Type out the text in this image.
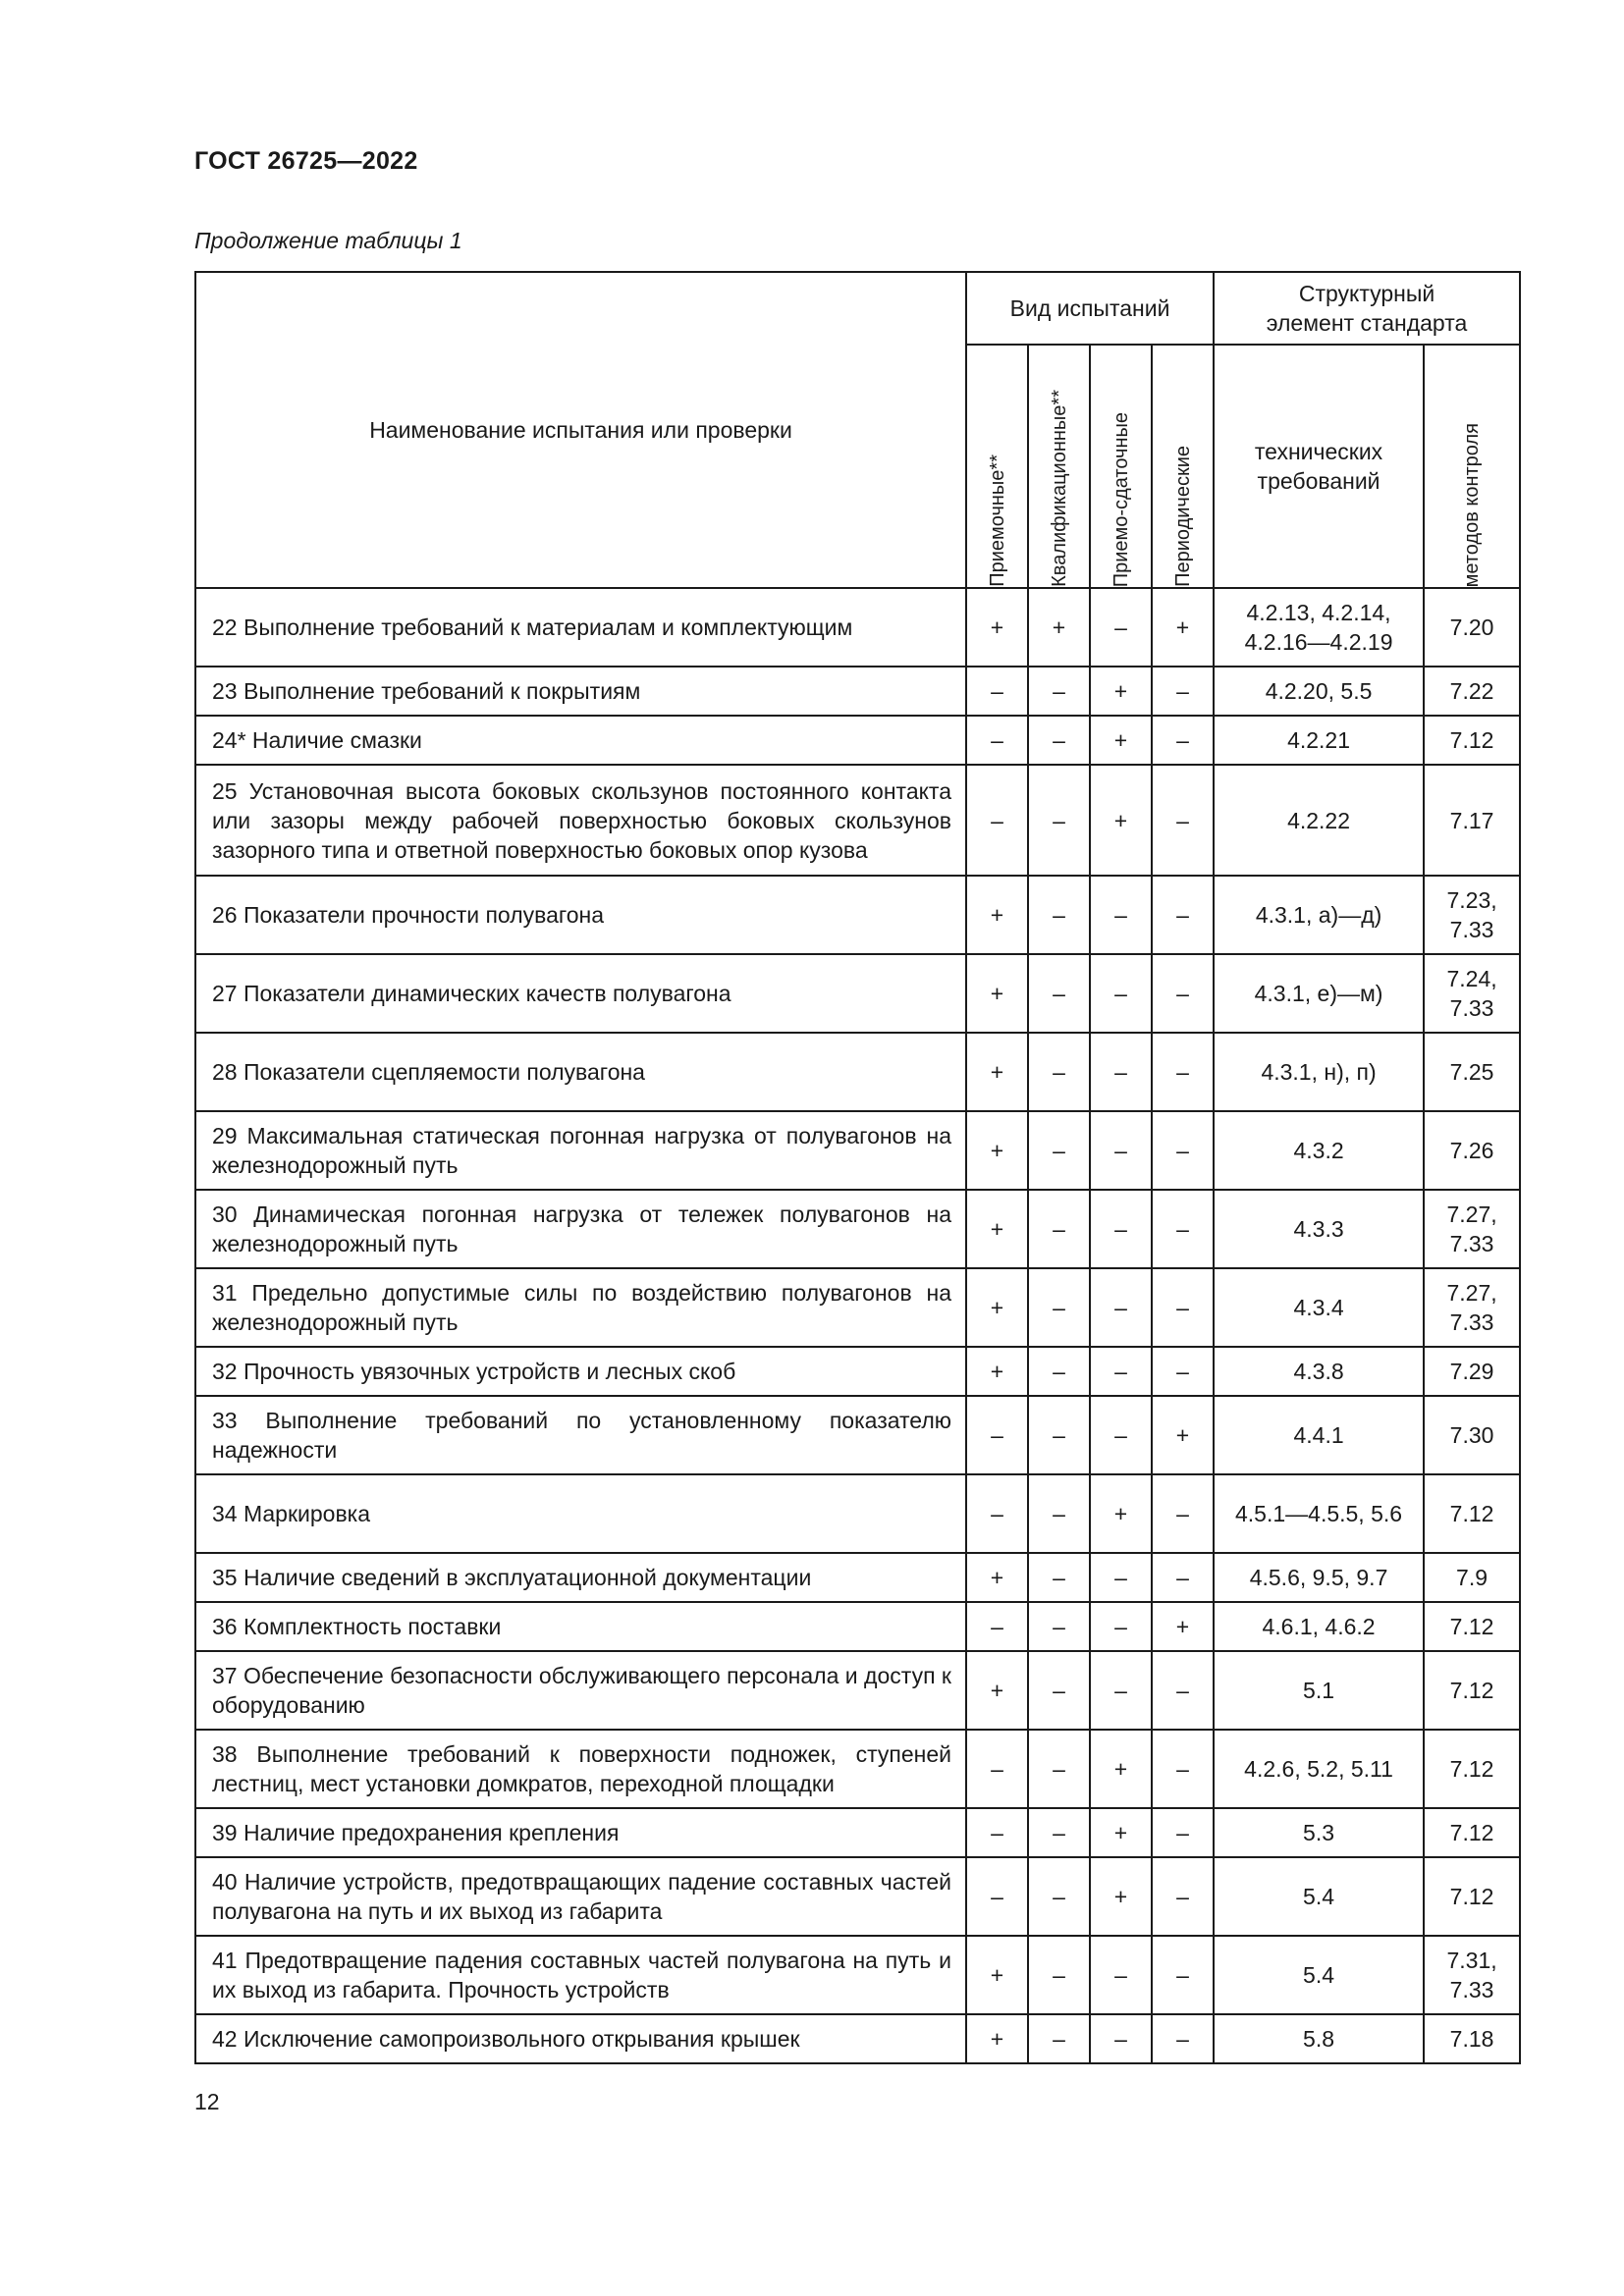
ГОСТ 26725—2022
Продолжение таблицы 1
Наименование испытания или проверки	Вид испытаний				Структурный элемент стандарта	

	Приемочные**	Квалификационные**	Приемо-сдаточные	Периодические	технических требований	методов контроля

22 Выполнение требований к материалам и комплектующим	+	+	–	+	4.2.13, 4.2.14, 4.2.16—4.2.19	7.20
23 Выполнение требований к покрытиям	–	–	+	–	4.2.20, 5.5	7.22
24* Наличие смазки	–	–	+	–	4.2.21	7.12
25 Установочная высота боковых скользунов постоянного контакта или зазоры между рабочей поверхностью боковых скользунов зазорного типа и ответной поверхностью боковых опор кузова	–	–	+	–	4.2.22	7.17
26 Показатели прочности полувагона	+	–	–	–	4.3.1, а)—д)	7.23, 7.33
27 Показатели динамических качеств полувагона	+	–	–	–	4.3.1, е)—м)	7.24, 7.33
28 Показатели сцепляемости полувагона	+	–	–	–	4.3.1, н), п)	7.25
29 Максимальная статическая погонная нагрузка от полувагонов на железнодорожный путь	+	–	–	–	4.3.2	7.26
30 Динамическая погонная нагрузка от тележек полувагонов на железнодорожный путь	+	–	–	–	4.3.3	7.27, 7.33
31 Предельно допустимые силы по воздействию полувагонов на железнодорожный путь	+	–	–	–	4.3.4	7.27, 7.33
32 Прочность увязочных устройств и лесных скоб	+	–	–	–	4.3.8	7.29
33 Выполнение требований по установленному показателю надежности	–	–	–	+	4.4.1	7.30
34 Маркировка	–	–	+	–	4.5.1—4.5.5, 5.6	7.12
35 Наличие сведений в эксплуатационной документации	+	–	–	–	4.5.6, 9.5, 9.7	7.9
36 Комплектность поставки	–	–	–	+	4.6.1, 4.6.2	7.12
37 Обеспечение безопасности обслуживающего персонала и доступ к оборудованию	+	–	–	–	5.1	7.12
38 Выполнение требований к поверхности подножек, ступеней лестниц, мест установки домкратов, переходной площадки	–	–	+	–	4.2.6, 5.2, 5.11	7.12
39 Наличие предохранения крепления	–	–	+	–	5.3	7.12
40 Наличие устройств, предотвращающих падение составных частей полувагона на путь и их выход из габарита	–	–	+	–	5.4	7.12
41 Предотвращение падения составных частей полувагона на путь и их выход из габарита. Прочность устройств	+	–	–	–	5.4	7.31, 7.33
42 Исключение самопроизвольного открывания крышек	+	–	–	–	5.8	7.18
12
